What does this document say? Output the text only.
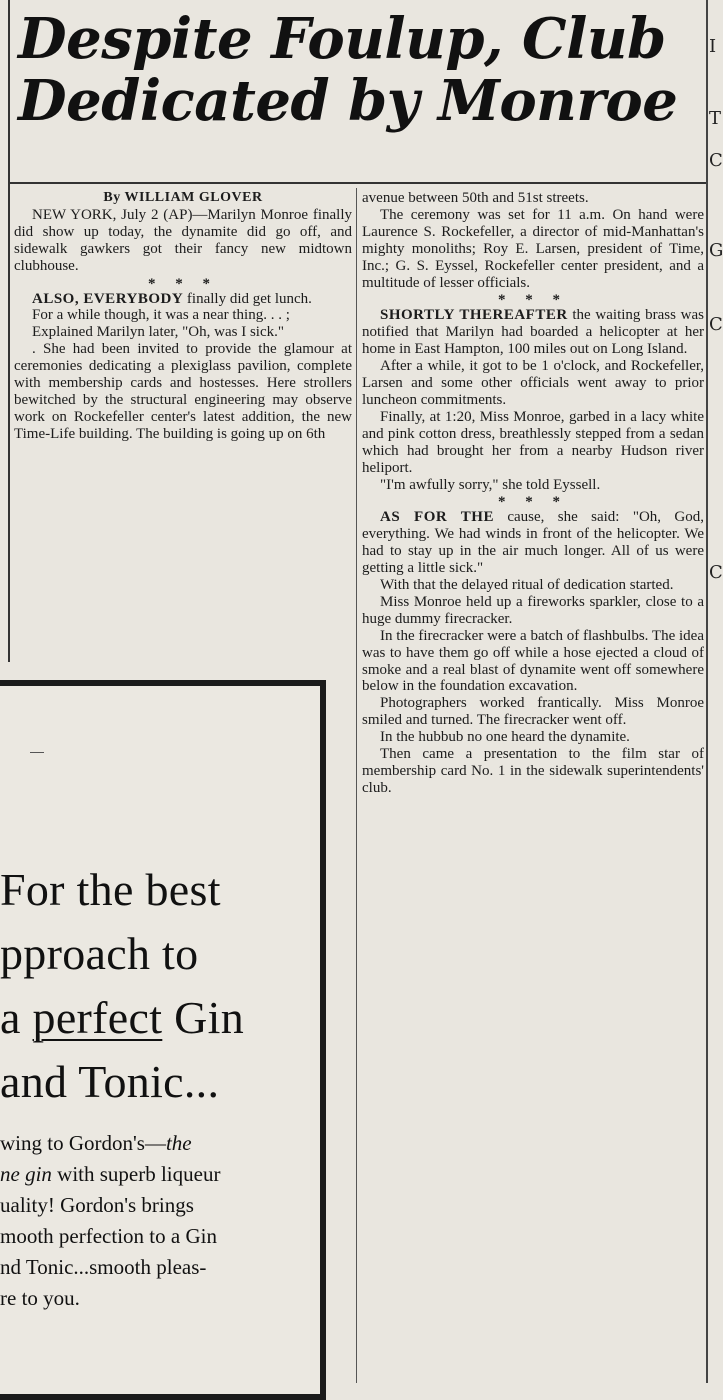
I
T
C
G
C
C
Despite Foulup, Club
Dedicated by Monroe

By WILLIAM GLOVER

NEW YORK, July 2 (AP)—Marilyn Monroe finally did show up today, the dynamite did go off, and sidewalk gawkers got their fancy new midtown clubhouse.

* * *

ALSO, EVERYBODY finally did get lunch.

For a while though, it was a near thing. . . ;

Explained Marilyn later, "Oh, was I sick."

. She had been invited to provide the glamour at ceremonies dedicating a plexiglass pavilion, complete with membership cards and hostesses. Here strollers bewitched by the structural engineering may observe work on Rockefeller center's latest addition, the new Time-Life building. The building is going up on 6th

avenue between 50th and 51st streets.

The ceremony was set for 11 a.m. On hand were Laurence S. Rockefeller, a director of mid-Manhattan's mighty monoliths; Roy E. Larsen, president of Time, Inc.; G. S. Eyssel, Rockefeller center president, and a multitude of lesser officials.

* * *

SHORTLY THEREAFTER the waiting brass was notified that Marilyn had boarded a helicopter at her home in East Hampton, 100 miles out on Long Island.

After a while, it got to be 1 o'clock, and Rockefeller, Larsen and some other officials went away to prior luncheon commitments.

Finally, at 1:20, Miss Monroe, garbed in a lacy white and pink cotton dress, breathlessly stepped from a sedan which had brought her from a nearby Hudson river heliport.

"I'm awfully sorry," she told Eyssell.

* * *

AS FOR THE cause, she said: "Oh, God, everything. We had winds in front of the helicopter. We had to stay up in the air much longer. All of us were getting a little sick."

With that the delayed ritual of dedication started.

Miss Monroe held up a fireworks sparkler, close to a huge dummy firecracker.

In the firecracker were a batch of flashbulbs. The idea was to have them go off while a hose ejected a cloud of smoke and a real blast of dynamite went off somewhere below in the foundation excavation.

Photographers worked frantically. Miss Monroe smiled and turned. The firecracker went off.

In the hubbub no one heard the dynamite.

Then came a presentation to the film star of membership card No. 1 in the sidewalk superintendents' club.

For the best

pproach to

a perfect Gin

and Tonic...

wing to Gordon's—the

ne gin with superb liqueur

uality! Gordon's brings

mooth perfection to a Gin

nd Tonic...smooth pleas-

re to you.
